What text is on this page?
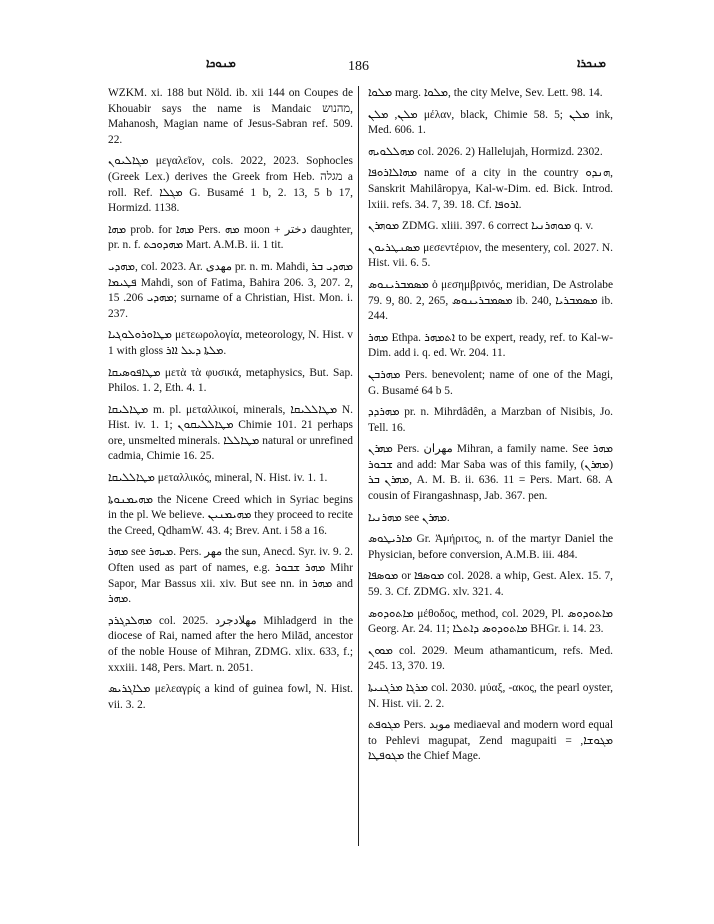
ܡܢܘܟܐ	186	ܡܢܟܪܐ

WZKM. xi. 188 but Nöld. ib. xii 144 on Coupes de Khouabir says the name is Mandaic מהנוש, Mahanosh, Magian name of Jesus-Sabran ref. 509. 22.

ܡܓܐܠܝܘܢ μεγαλεῖον, cols. 2022, 2023. Sophocles (Greek Lex.) derives the Greek from Heb. מגלה a roll. Ref. ܡܓܠܐ G. Busamé 1 b, 2. 13, 5 b 17, Hormizd. 1138.

ܡܗܐ prob. for ܡܗܐ Pers. ܡܗ moon + دختر daughter, pr. n. f. ܡܗܕܘܟܬ Mart. A.M.B. ii. 1 tit.

ܡܗܕܝ, col. 2023. Ar. مهدی pr. n. m. Mahdi, ܡܗܕܝ ܒܪ ܦܛܝܡܐ Mahdi, son of Fatima, Bahira 206. 3, 207. 2, ܡܗܕܝ 206. 15; surname of a Christian, Hist. Mon. i. 237.

ܡܛܐܘܪܘܠܘܓܝܐ μετεωρολογία, meteorology, N. Hist. v 1 with gloss ܡܠܬܐ ܕܥܠ ܐܐܪ.

ܡܛܐܦܘܣܝܩܐ μετὰ τὰ φυσικά, metaphysics, But. Sap. Philos. 1. 2, Eth. 4. 1.

ܡܛܐܠܝܩܐ m. pl. μεταλλικοί, minerals, ܡܛܐܠܠܝܩܐ N. Hist. iv. 1. 1; ܡܛܐܠܠܝܩܘܢ Chimie 101. 21 perhaps ore, unsmelted minerals. ܡܛܐܠܠܐ natural or unrefined cadmia, Chimie 16. 25.

ܡܛܐܠܠܝܩܐ μεταλλικός, mineral, N. Hist. iv. 1. 1.

ܡܗܝܡܢܘܬܐ the Nicene Creed which in Syriac begins in the pl. We believe. ܡܗܝܡܢܝܢ they proceed to recite the Creed, QdhamW. 43. 4; Brev. Ant. i 58 a 16.

ܡܗܪ see ܡܝܗܪ. Pers. مهر the sun, Anecd. Syr. iv. 9. 2. Often used as part of names, e.g. ܡܗܪ ܫܒܘܪ Mihr Sapor, Mar Bassus xii. xiv. But see nn. in ܡܗܪ and ܡܗܪ.

ܡܗܠܕܓܪܕ col. 2025. مهلادجرد Mihladgerd in the diocese of Rai, named after the hero Milād, ancestor of the noble House of Mihran, ZDMG. xlix. 633, f.; xxxiii. 148, Pers. Mart. n. 2051.

ܡܠܐܓܪܝܣ μελεαγρίς a kind of guinea fowl, N. Hist. vii. 3. 2.

ܡܠܘܐ marg. ܡܠܘܐ, the city Melve, Sev. Lett. 98. 14.

ܡܠܢ, ܡܠܢ μέλαν, black, Chimie 58. 5; ܡܠܢ ink, Med. 606. 1.

ܡܗܠܠܘܝܗ col. 2026. 2) Hallelujah, Hormizd. 2302.

ܡܗܐܠܐܪܘܦܐ name of a city in the country ܗܢܕܘ, Sanskrit Mahilâropya, Kal-w-Dim. ed. Bick. Introd. lxiii. refs. 34. 7, 39. 18. Cf. ܐܪܘܦܐ.

ܡܘܗܪܢ ZDMG. xliii. 397. 6 correct ܡܘܗܪܢܝܐ q. v.

ܡܣܢܛܪܝܘܢ μεσεντέριον, the mesentery, col. 2027. N. Hist. vii. 6. 5.

ܡܣܡܒܪܝܢܘܣ ὁ μεσημβρινός, meridian, De Astrolabe 79. 9, 80. 2, 265, ܡܣܡܒܪܝܢܘܣ ib. 240, ܡܣܡܒܪܝܐ ib. 244.

ܡܗܪ Ethpa. ܐܬܡܗܪ to be expert, ready, ref. to Kal-w-Dim. add i. q. ed. Wr. 204. 11.

ܡܗܪܒܢ Pers. benevolent; name of one of the Magi, G. Busamé 64 b 5.

ܡܗܪܕܕ pr. n. Mihrdâdên, a Marzban of Nisibis, Jo. Tell. 16.

ܡܗܪܢ Pers. مهران Mihran, a family name. See ܡܗܪ ܫܒܘܪ and add: Mar Saba was of this family, (ܡܗܪܢ) ܡܗܪܢ ܒܪ, A. M. B. ii. 636. 11 = Pers. Mart. 68. A cousin of Firangashnasp, Jab. 367. pen.

ܡܗܪܢܝܐ see ܡܗܪܢ.

ܡܐܪܝܛܘܣ Gr. Ἀμήριτος, n. of the martyr Daniel the Physician, before conversion, A.M.B. iii. 484.

ܡܘܣܦܐ or ܡܘܣܦܐ col. 2028. a whip, Gest. Alex. 15. 7, 59. 3. Cf. ZDMG. xlv. 321. 4.

ܡܐܬܘܕܘܣ μέθοδος, method, col. 2029, Pl. ܡܐܬܘܕܘܣ Georg. Ar. 24. 11; ܡܐܬܘܕܘܣ ܕܐܬܠܐ BHGr. i. 14. 23.

ܡܘܘܢ col. 2029. Meum athamanticum, refs. Med. 245. 13, 370. 19.

ܡܪܓܐ ܡܪܓܢܝܬܐ col. 2030. μύαξ, -ακος, the pearl oyster, N. Hist. vii. 2. 2.

ܡܓܘܦܬ Pers. موبد mediaeval and modern word equal to Pehlevi magupat, Zend magupaiti = ܡܓܘܫܐ, ܡܓܘܦܛܐ the Chief Mage.
